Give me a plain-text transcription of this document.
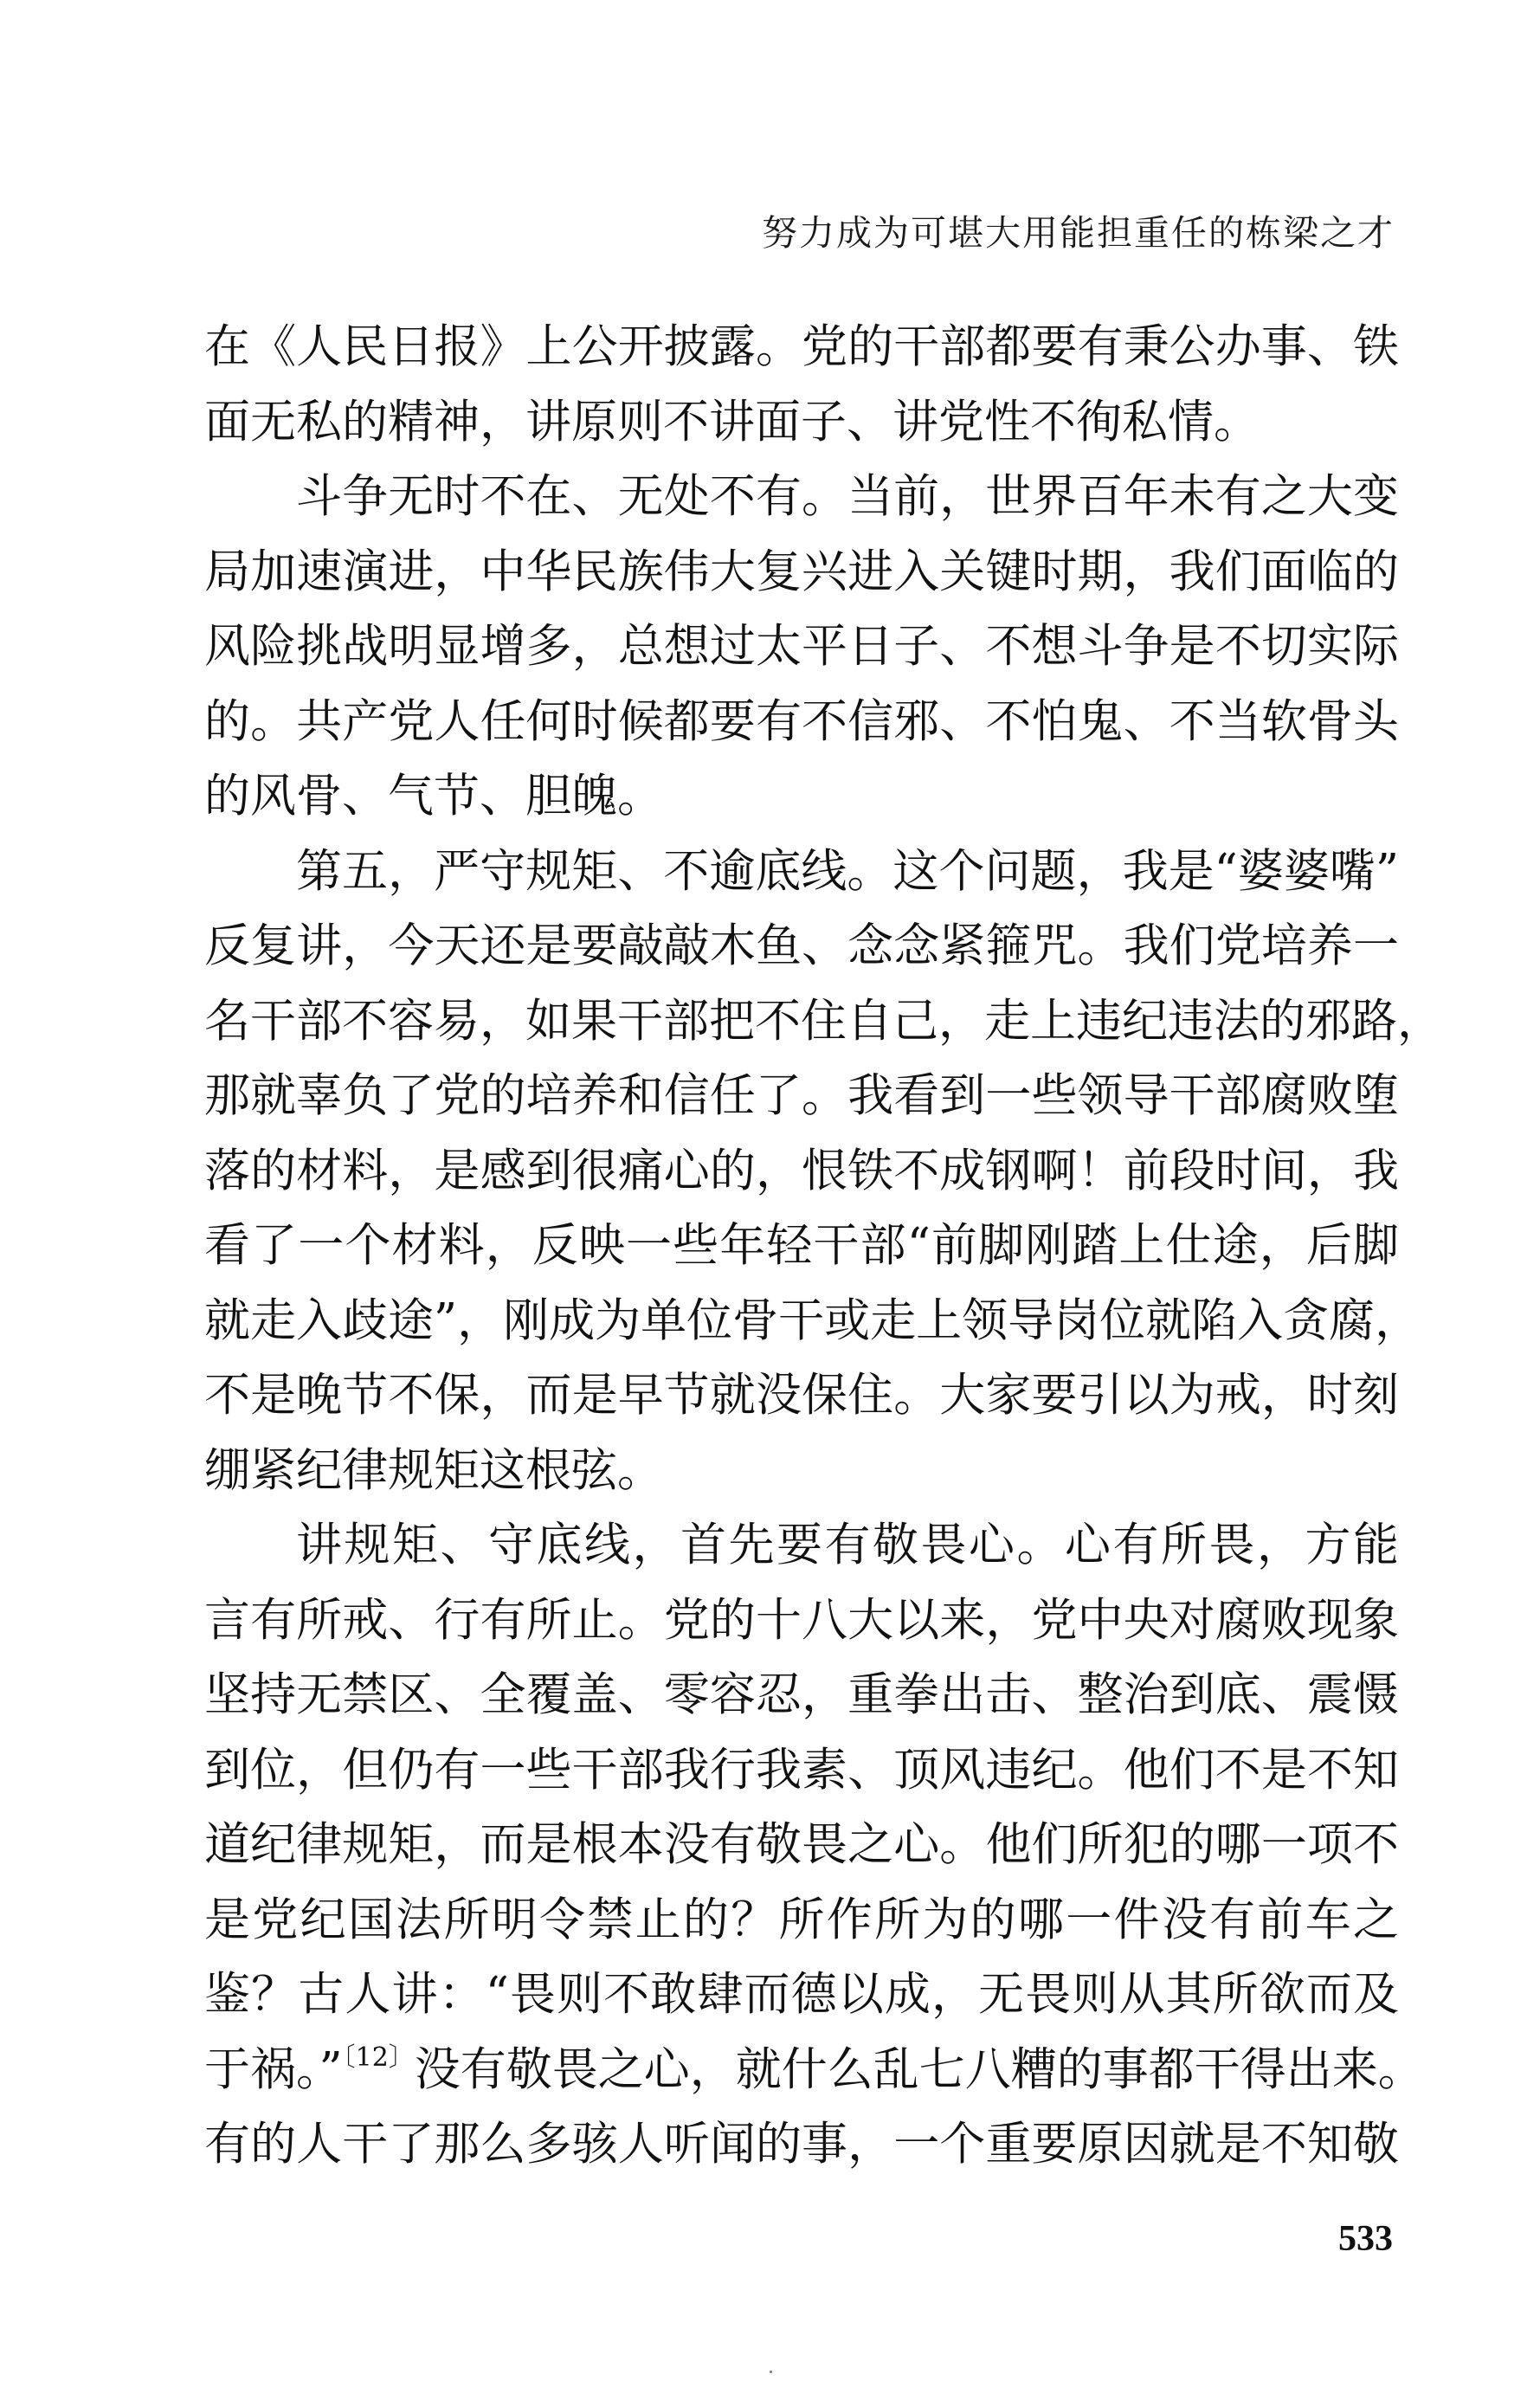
努力成为可堪大用能担重任的栋梁之才
在《人民日报》上公开披露。党的干部都要有秉公办事、铁
面无私的精神，讲原则不讲面子、讲党性不徇私情。
斗争无时不在、无处不有。当前，世界百年未有之大变
局加速演进，中华民族伟大复兴进入关键时期，我们面临的
风险挑战明显增多，总想过太平日子、不想斗争是不切实际
的。共产党人任何时候都要有不信邪、不怕鬼、不当软骨头
的风骨、气节、胆魄。
第五，严守规矩、不逾底线。这个问题，我是“婆婆嘴”
反复讲，今天还是要敲敲木鱼、念念紧箍咒。我们党培养一
名干部不容易，如果干部把不住自己，走上违纪违法的邪路，
那就辜负了党的培养和信任了。我看到一些领导干部腐败堕
落的材料，是感到很痛心的，恨铁不成钢啊！前段时间，我
看了一个材料，反映一些年轻干部“前脚刚踏上仕途，后脚
就走入歧途”，刚成为单位骨干或走上领导岗位就陷入贪腐，
不是晚节不保，而是早节就没保住。大家要引以为戒，时刻
绷紧纪律规矩这根弦。
讲规矩、守底线，首先要有敬畏心。心有所畏，方能
言有所戒、行有所止。党的十八大以来，党中央对腐败现象
坚持无禁区、全覆盖、零容忍，重拳出击、整治到底、震慑
到位，但仍有一些干部我行我素、顶风违纪。他们不是不知
道纪律规矩，而是根本没有敬畏之心。他们所犯的哪一项不
是党纪国法所明令禁止的？所作所为的哪一件没有前车之
鉴？古人讲：“畏则不敢肆而德以成，无畏则从其所欲而及
于祸。”$^{〔12〕}$没有敬畏之心，就什么乱七八糟的事都干得出来。
有的人干了那么多骇人听闻的事，一个重要原因就是不知敬
533
